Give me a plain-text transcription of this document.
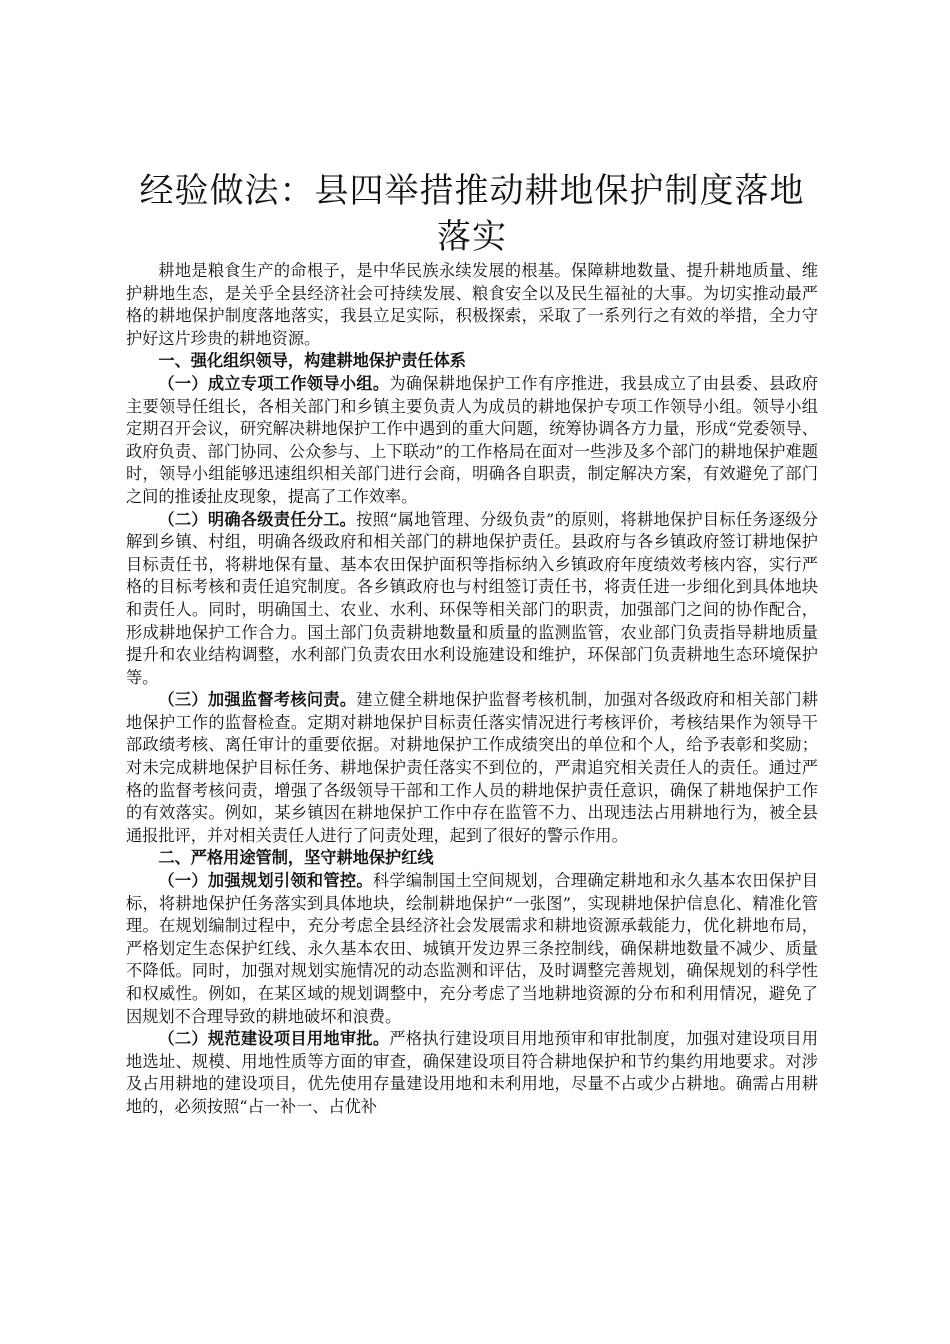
经验做法：县四举措推动耕地保护制度落地落实

耕地是粮食生产的命根子，是中华民族永续发展的根基。保障耕地数量、提升耕地质量、维护耕地生态，是关乎全县经济社会可持续发展、粮食安全以及民生福祉的大事。为切实推动最严格的耕地保护制度落地落实，我县立足实际，积极探索，采取了一系列行之有效的举措，全力守护好这片珍贵的耕地资源。

一、强化组织领导，构建耕地保护责任体系

（一）成立专项工作领导小组。为确保耕地保护工作有序推进，我县成立了由县委、县政府主要领导任组长，各相关部门和乡镇主要负责人为成员的耕地保护专项工作领导小组。领导小组定期召开会议，研究解决耕地保护工作中遇到的重大问题，统筹协调各方力量，形成“党委领导、政府负责、部门协同、公众参与、上下联动”的工作格局在面对一些涉及多个部门的耕地保护难题时，领导小组能够迅速组织相关部门进行会商，明确各自职责，制定解决方案，有效避免了部门之间的推诿扯皮现象，提高了工作效率。

（二）明确各级责任分工。按照“属地管理、分级负责”的原则，将耕地保护目标任务逐级分解到乡镇、村组，明确各级政府和相关部门的耕地保护责任。县政府与各乡镇政府签订耕地保护目标责任书，将耕地保有量、基本农田保护面积等指标纳入乡镇政府年度绩效考核内容，实行严格的目标考核和责任追究制度。各乡镇政府也与村组签订责任书，将责任进一步细化到具体地块和责任人。同时，明确国土、农业、水利、环保等相关部门的职责，加强部门之间的协作配合，形成耕地保护工作合力。国土部门负责耕地数量和质量的监测监管，农业部门负责指导耕地质量提升和农业结构调整，水利部门负责农田水利设施建设和维护，环保部门负责耕地生态环境保护等。

（三）加强监督考核问责。建立健全耕地保护监督考核机制，加强对各级政府和相关部门耕地保护工作的监督检查。定期对耕地保护目标责任落实情况进行考核评价，考核结果作为领导干部政绩考核、离任审计的重要依据。对耕地保护工作成绩突出的单位和个人，给予表彰和奖励；对未完成耕地保护目标任务、耕地保护责任落实不到位的，严肃追究相关责任人的责任。通过严格的监督考核问责，增强了各级领导干部和工作人员的耕地保护责任意识，确保了耕地保护工作的有效落实。例如，某乡镇因在耕地保护工作中存在监管不力、出现违法占用耕地行为，被全县通报批评，并对相关责任人进行了问责处理，起到了很好的警示作用。

二、严格用途管制，坚守耕地保护红线

（一）加强规划引领和管控。科学编制国土空间规划，合理确定耕地和永久基本农田保护目标，将耕地保护任务落实到具体地块，绘制耕地保护“一张图”，实现耕地保护信息化、精准化管理。在规划编制过程中，充分考虑全县经济社会发展需求和耕地资源承载能力，优化耕地布局，严格划定生态保护红线、永久基本农田、城镇开发边界三条控制线，确保耕地数量不减少、质量不降低。同时，加强对规划实施情况的动态监测和评估，及时调整完善规划，确保规划的科学性和权威性。例如，在某区域的规划调整中，充分考虑了当地耕地资源的分布和利用情况，避免了因规划不合理导致的耕地破坏和浪费。

（二）规范建设项目用地审批。严格执行建设项目用地预审和审批制度，加强对建设项目用地选址、规模、用地性质等方面的审查，确保建设项目符合耕地保护和节约集约用地要求。对涉及占用耕地的建设项目，优先使用存量建设用地和未利用地，尽量不占或少占耕地。确需占用耕地的，必须按照“占一补一、占优补
